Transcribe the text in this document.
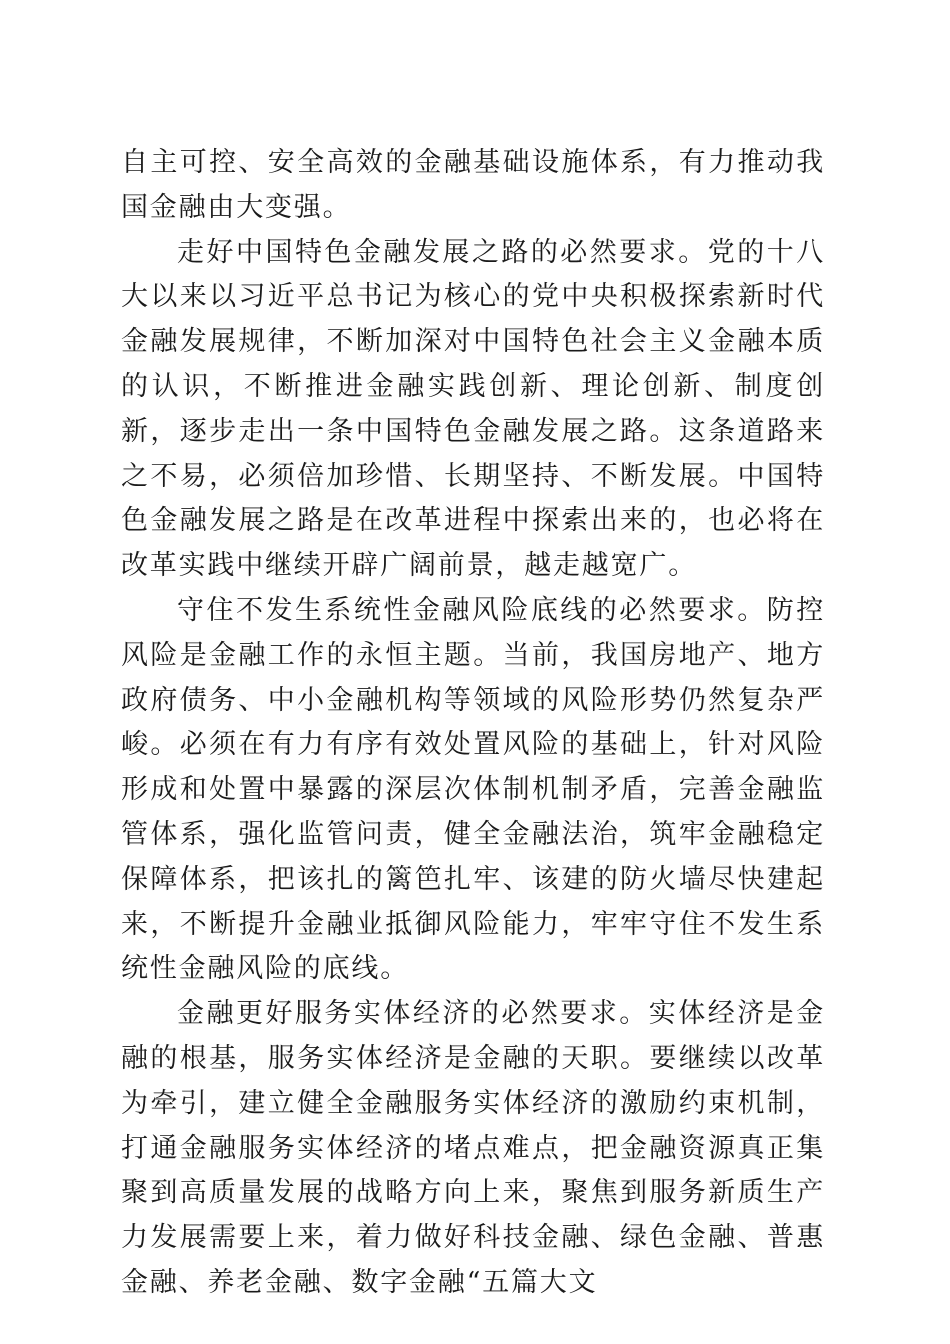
自主可控、安全高效的金融基础设施体系，有力推动我国金融由大变强。

走好中国特色金融发展之路的必然要求。党的十八大以来以习近平总书记为核心的党中央积极探索新时代金融发展规律，不断加深对中国特色社会主义金融本质的认识，不断推进金融实践创新、理论创新、制度创新，逐步走出一条中国特色金融发展之路。这条道路来之不易，必须倍加珍惜、长期坚持、不断发展。中国特色金融发展之路是在改革进程中探索出来的，也必将在改革实践中继续开辟广阔前景，越走越宽广。

守住不发生系统性金融风险底线的必然要求。防控风险是金融工作的永恒主题。当前，我国房地产、地方政府债务、中小金融机构等领域的风险形势仍然复杂严峻。必须在有力有序有效处置风险的基础上，针对风险形成和处置中暴露的深层次体制机制矛盾，完善金融监管体系，强化监管问责，健全金融法治，筑牢金融稳定保障体系，把该扎的篱笆扎牢、该建的防火墙尽快建起来，不断提升金融业抵御风险能力，牢牢守住不发生系统性金融风险的底线。

金融更好服务实体经济的必然要求。实体经济是金融的根基，服务实体经济是金融的天职。要继续以改革为牵引，建立健全金融服务实体经济的激励约束机制，打通金融服务实体经济的堵点难点，把金融资源真正集聚到高质量发展的战略方向上来，聚焦到服务新质生产力发展需要上来，着力做好科技金融、绿色金融、普惠金融、养老金融、数字金融“五篇大文
